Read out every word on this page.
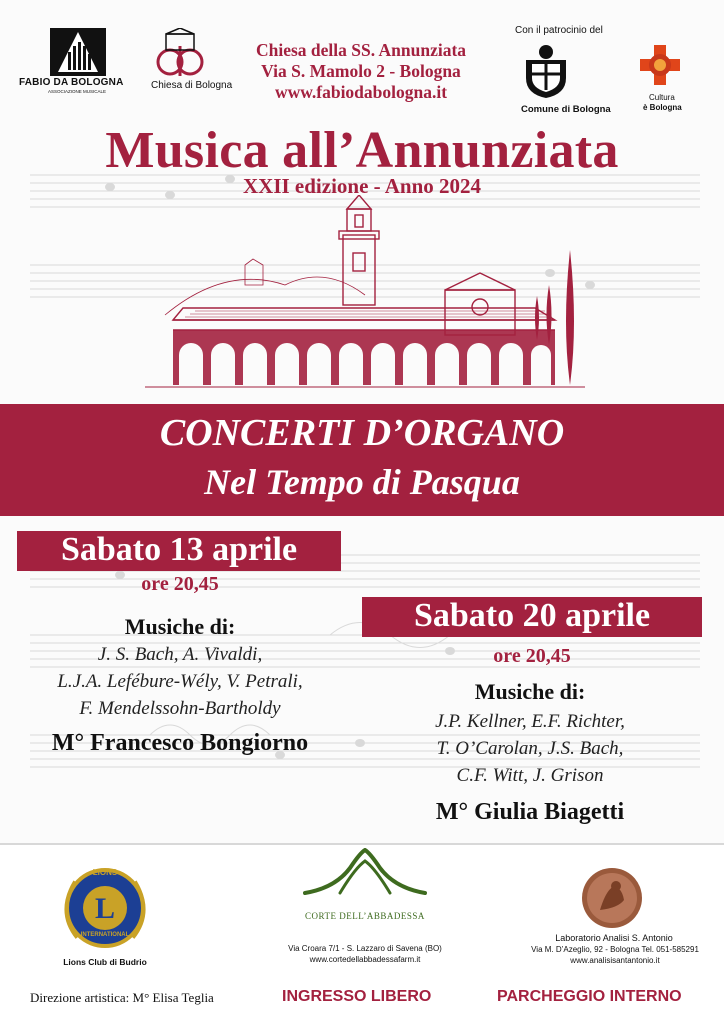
FABIO DA BOLOGNA
ASSOCIAZIONE MUSICALE
Chiesa di Bologna
Chiesa della SS. Annunziata
Via S. Mamolo 2 - Bologna
www.fabiodabologna.it
Con il patrocinio del
Comune di Bologna
Cultura
è Bologna
Musica all’Annunziata
XXII edizione - Anno 2024
CONCERTI D’ORGANO
Nel Tempo di Pasqua
Sabato 13 aprile
ore 20,45
Musiche di:
J. S. Bach, A. Vivaldi,
L.J.A. Lefébure-Wély, V. Petrali,
F. Mendelssohn-Bartholdy
M° Francesco Bongiorno
Sabato 20 aprile
ore 20,45
Musiche di:
J.P. Kellner, E.F. Richter,
T. O’Carolan, J.S. Bach,
C.F. Witt, J. Grison
M° Giulia Biagetti
L
LIONS
INTERNATIONAL
Lions Club di Budrio
CORTE DELL’ABBADESSA
Via Croara 7/1 - S. Lazzaro di Savena (BO)
www.cortedellabbadessafarm.it
Laboratorio Analisi S. Antonio
Via M. D’Azeglio, 92 - Bologna Tel. 051-585291
www.analisisantantonio.it
Direzione artistica: M° Elisa Teglia	INGRESSO LIBERO	PARCHEGGIO INTERNO
